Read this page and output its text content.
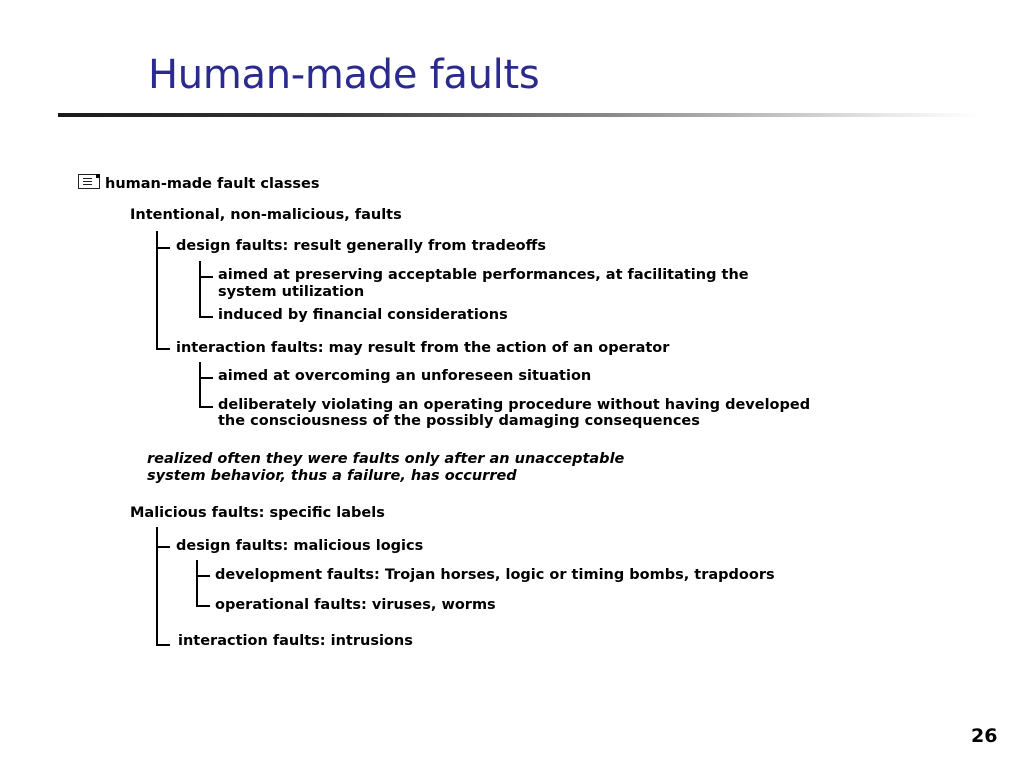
Human-made faults
human-made fault classes
Intentional, non-malicious, faults
design faults: result generally from tradeoffs
aimed at preserving acceptable performances, at facilitating the
system utilization
induced by financial considerations
interaction faults: may result from the action of an operator
aimed at overcoming an unforeseen situation
deliberately violating an operating procedure without having developed
the consciousness of the possibly damaging consequences
realized often they were faults only after an unacceptable
system behavior, thus a failure, has occurred
Malicious faults: specific labels
design faults: malicious logics
development faults: Trojan horses, logic or timing bombs, trapdoors
operational faults: viruses, worms
interaction faults: intrusions
26
